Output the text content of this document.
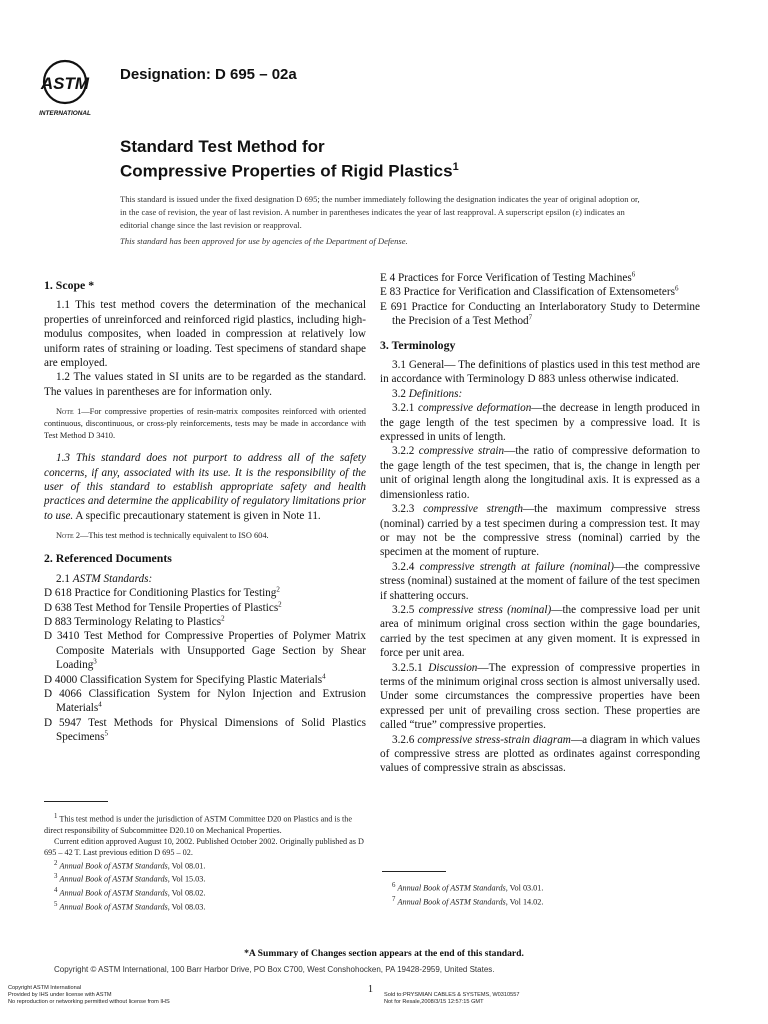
ASTM
INTERNATIONAL
Designation: D 695 – 02a
Standard Test Method for
Compressive Properties of Rigid Plastics$^1$
This standard is issued under the fixed designation D 695; the number immediately following the designation indicates the year of original adoption or, in the case of revision, the year of last revision. A number in parentheses indicates the year of last reapproval. A superscript epsilon (ε) indicates an editorial change since the last revision or reapproval.
This standard has been approved for use by agencies of the Department of Defense.

1. Scope *

1.1 This test method covers the determination of the mechanical properties of unreinforced and reinforced rigid plastics, including high-modulus composites, when loaded in compression at relatively low uniform rates of straining or loading. Test specimens of standard shape are employed.

1.2 The values stated in SI units are to be regarded as the standard. The values in parentheses are for information only.

Note 1—For compressive properties of resin-matrix composites reinforced with oriented continuous, discontinuous, or cross-ply reinforcements, tests may be made in accordance with Test Method D 3410.

1.3 This standard does not purport to address all of the safety concerns, if any, associated with its use. It is the responsibility of the user of this standard to establish appropriate safety and health practices and determine the applicability of regulatory limitations prior to use. A specific precautionary statement is given in Note 11.

Note 2—This test method is technically equivalent to ISO 604.

2. Referenced Documents

2.1 ASTM Standards:

D 618 Practice for Conditioning Plastics for Testing$^2$

D 638 Test Method for Tensile Properties of Plastics$^2$

D 883 Terminology Relating to Plastics$^2$

D 3410 Test Method for Compressive Properties of Polymer Matrix Composite Materials with Unsupported Gage Section by Shear Loading$^3$

D 4000 Classification System for Specifying Plastic Materials$^4$

D 4066 Classification System for Nylon Injection and Extrusion Materials$^4$

D 5947 Test Methods for Physical Dimensions of Solid Plastics Specimens$^5$

$^1$ This test method is under the jurisdiction of ASTM Committee D20 on Plastics and is the direct responsibility of Subcommittee D20.10 on Mechanical Properties.

Current edition approved August 10, 2002. Published October 2002. Originally published as D 695 – 42 T. Last previous edition D 695 – 02.

$^2$ Annual Book of ASTM Standards, Vol 08.01.

$^3$ Annual Book of ASTM Standards, Vol 15.03.

$^4$ Annual Book of ASTM Standards, Vol 08.02.

$^5$ Annual Book of ASTM Standards, Vol 08.03.

E 4 Practices for Force Verification of Testing Machines$^6$

E 83 Practice for Verification and Classification of Extensometers$^6$

E 691 Practice for Conducting an Interlaboratory Study to Determine the Precision of a Test Method$^7$

3. Terminology

3.1 General— The definitions of plastics used in this test method are in accordance with Terminology D 883 unless otherwise indicated.

3.2 Definitions:

3.2.1 compressive deformation—the decrease in length produced in the gage length of the test specimen by a compressive load. It is expressed in units of length.

3.2.2 compressive strain—the ratio of compressive deformation to the gage length of the test specimen, that is, the change in length per unit of original length along the longitudinal axis. It is expressed as a dimensionless ratio.

3.2.3 compressive strength—the maximum compressive stress (nominal) carried by a test specimen during a compression test. It may or may not be the compressive stress (nominal) carried by the specimen at the moment of rupture.

3.2.4 compressive strength at failure (nominal)—the compressive stress (nominal) sustained at the moment of failure of the test specimen if shattering occurs.

3.2.5 compressive stress (nominal)—the compressive load per unit area of minimum original cross section within the gage boundaries, carried by the test specimen at any given moment. It is expressed in force per unit area.

3.2.5.1 Discussion—The expression of compressive properties in terms of the minimum original cross section is almost universally used. Under some circumstances the compressive properties have been expressed per unit of prevailing cross section. These properties are called “true” compressive properties.

3.2.6 compressive stress-strain diagram—a diagram in which values of compressive stress are plotted as ordinates against corresponding values of compressive strain as abscissas.

$^6$ Annual Book of ASTM Standards, Vol 03.01.

$^7$ Annual Book of ASTM Standards, Vol 14.02.

*A Summary of Changes section appears at the end of this standard.
Copyright © ASTM International, 100 Barr Harbor Drive, PO Box C700, West Conshohocken, PA 19428-2959, United States.
Copyright ASTM International
Provided by IHS under license with ASTM
No reproduction or networking permitted without license from IHS
1 Sold to:PRYSMIAN CABLES & SYSTEMS, W0310557
Not for Resale,2008/3/15 12:57:15 GMT
